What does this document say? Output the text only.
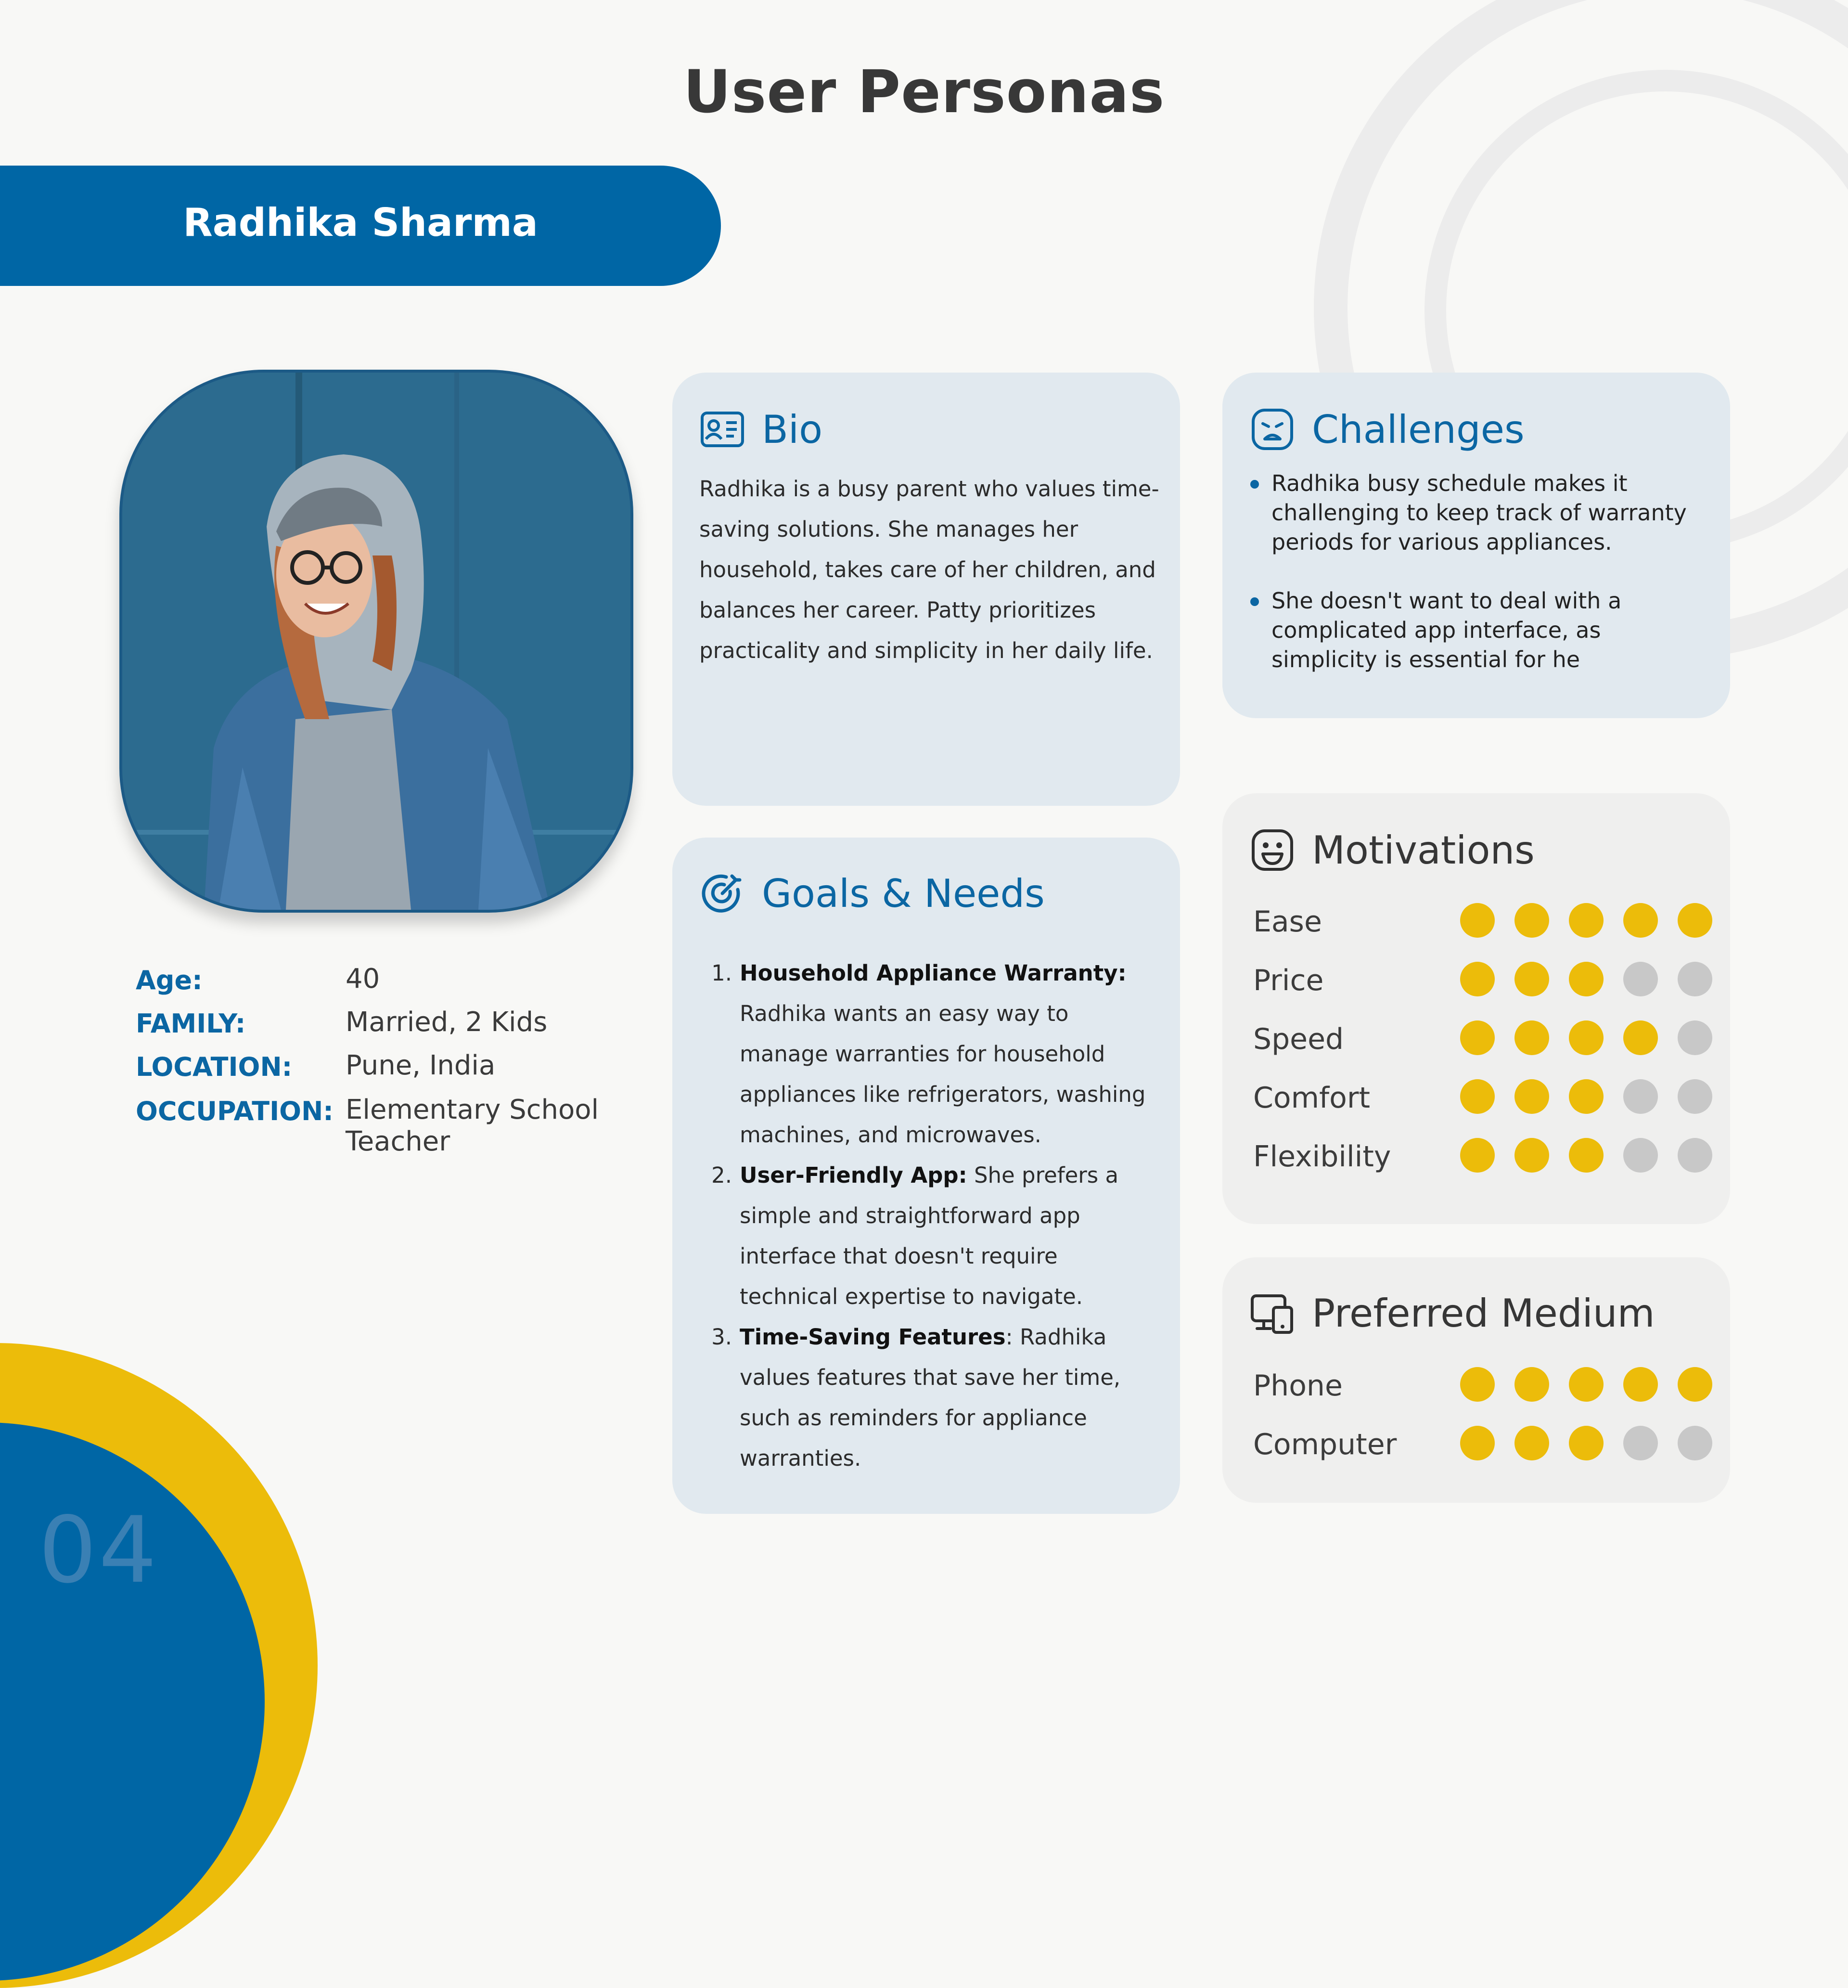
04
User Personas
Radhika Sharma
Age:	40
FAMILY:	Married, 2 Kids
LOCATION: Pune, India
OCCUPATION: Elementary School Teacher
Bio
Radhika is a busy parent who values time-saving solutions. She manages her household, takes care of her children, and balances her career. Patty prioritizes practicality and simplicity in her daily life.
Challenges
Radhika busy schedule makes it challenging to keep track of warranty periods for various appliances.
She doesn't want to deal with a complicated app interface, as simplicity is essential for he
Goals & Needs
1. Household Appliance Warranty: Radhika wants an easy way to manage warranties for household appliances like refrigerators, washing machines, and microwaves.
2. User-Friendly App: She prefers a simple and straightforward app interface that doesn't require technical expertise to navigate.
3. Time-Saving Features: Radhika values features that save her time, such as reminders for appliance warranties.
Motivations
Ease
Price
Speed
Comfort
Flexibility
Preferred Medium
Phone
Computer
